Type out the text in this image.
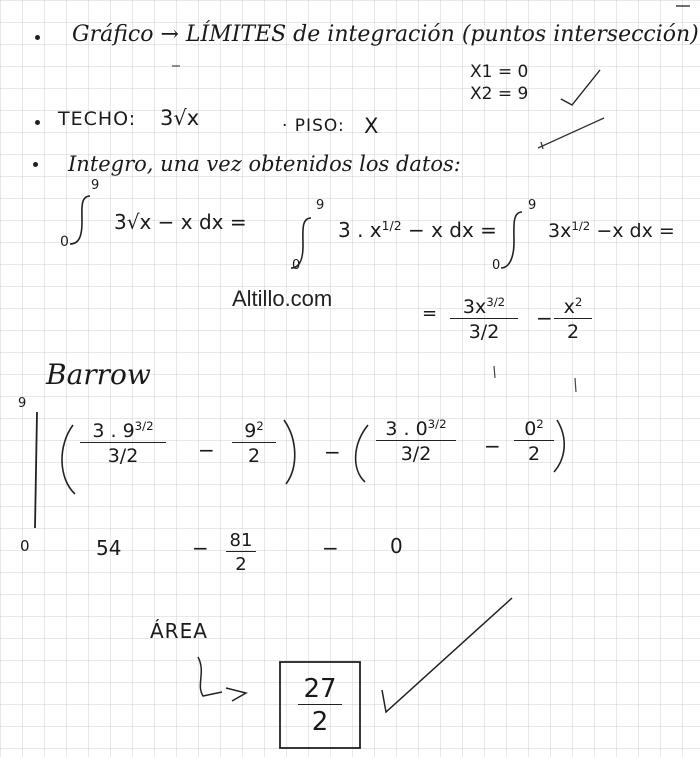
Gráfico → LÍMITES de integración (puntos intersección)
X1 = 0
X2 = 9
TECHO: 3√x	· PISO: X
Integro, una vez obtenidos los datos:
9
0
3√x − x dx =
9
0
3 . $x^{1/2} - x$ dx =
9
0
$3x^{1/2} -x$ dx =
Altillo.com
= $\frac{3x^{3/2}}{3/2} - \frac{x^2}{2}$
Barrow
9
0
$\frac{3 . 9^{3/2}}{3/2} - \frac{9^2}{2} - \frac{3 . 0^{3/2}}{3/2} - \frac{0^2}{2}$
54	− $\frac{81}{2}$	−	0
ÁREA
$\frac{27}{2}$
